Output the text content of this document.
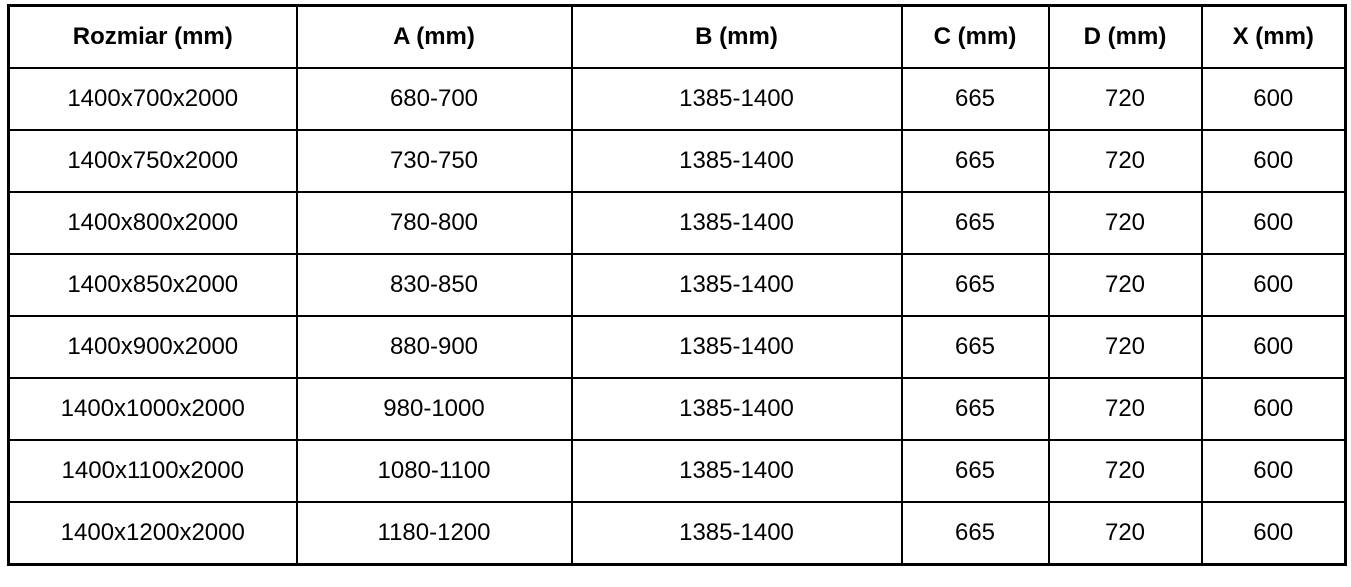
Rozmiar (mm)	A (mm)	B (mm)	C (mm)	D (mm)	X (mm)
1400x700x2000	680-700	1385-1400	665	720	600
1400x750x2000	730-750	1385-1400	665	720	600
1400x800x2000	780-800	1385-1400	665	720	600
1400x850x2000	830-850	1385-1400	665	720	600
1400x900x2000	880-900	1385-1400	665	720	600
1400x1000x2000	980-1000	1385-1400	665	720	600
1400x1100x2000	1080-1100	1385-1400	665	720	600
1400x1200x2000	1180-1200	1385-1400	665	720	600
